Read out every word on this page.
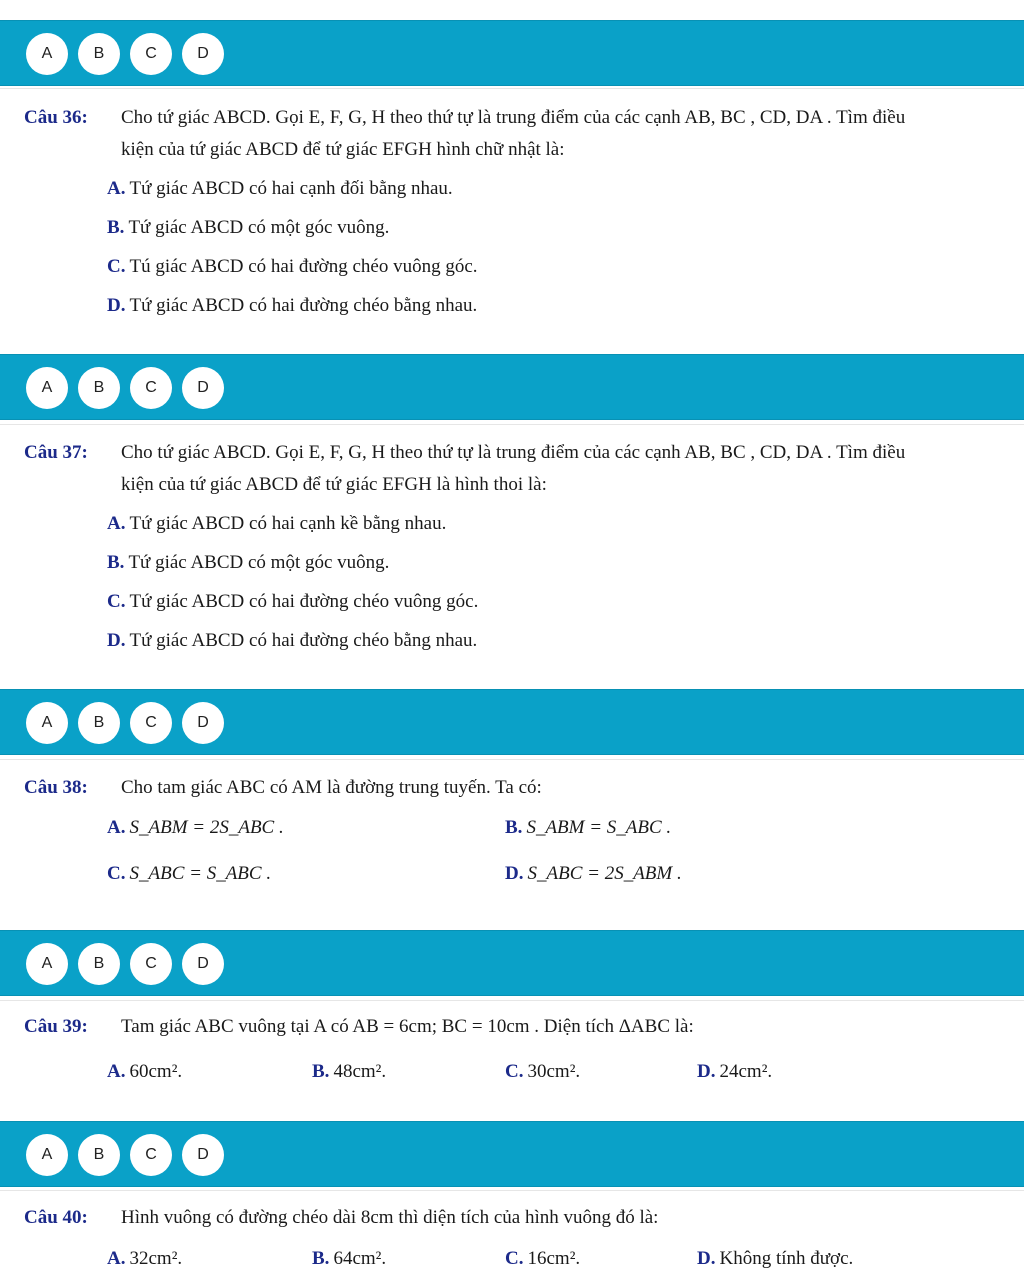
A	B	C	D
Câu 36: Cho tứ giác ABCD. Gọi E, F, G, H theo thứ tự là trung điểm của các cạnh AB, BC , CD, DA . Tìm điều
kiện của tứ giác ABCD để tứ giác EFGH hình chữ nhật là:
A. Tứ giác ABCD có hai cạnh đối bằng nhau.
B. Tứ giác ABCD có một góc vuông.
C. Tú giác ABCD có hai đường chéo vuông góc.
D. Tứ giác ABCD có hai đường chéo bằng nhau.
A	B	C	D
Câu 37: Cho tứ giác ABCD. Gọi E, F, G, H theo thứ tự là trung điểm của các cạnh AB, BC , CD, DA . Tìm điều
kiện của tứ giác ABCD để tứ giác EFGH là hình thoi là:
A. Tứ giác ABCD có hai cạnh kề bằng nhau.
B. Tứ giác ABCD có một góc vuông.
C. Tứ giác ABCD có hai đường chéo vuông góc.
D. Tứ giác ABCD có hai đường chéo bằng nhau.
A	B	C	D
Câu 38: Cho tam giác ABC có AM là đường trung tuyến. Ta có:
A. S_ABM = 2S_ABC .	B. S_ABM = S_ABC .
C. S_ABC = S_ABC .	D. S_ABC = 2S_ABM .
A	B	C	D
Câu 39: Tam giác ABC vuông tại A có AB = 6cm; BC = 10cm . Diện tích ΔABC là:
A. 60cm².	B. 48cm².	C. 30cm².	D. 24cm².
A	B	C	D
Câu 40: Hình vuông có đường chéo dài 8cm thì diện tích của hình vuông đó là:
A. 32cm².	B. 64cm².	C. 16cm².	D. Không tính được.
